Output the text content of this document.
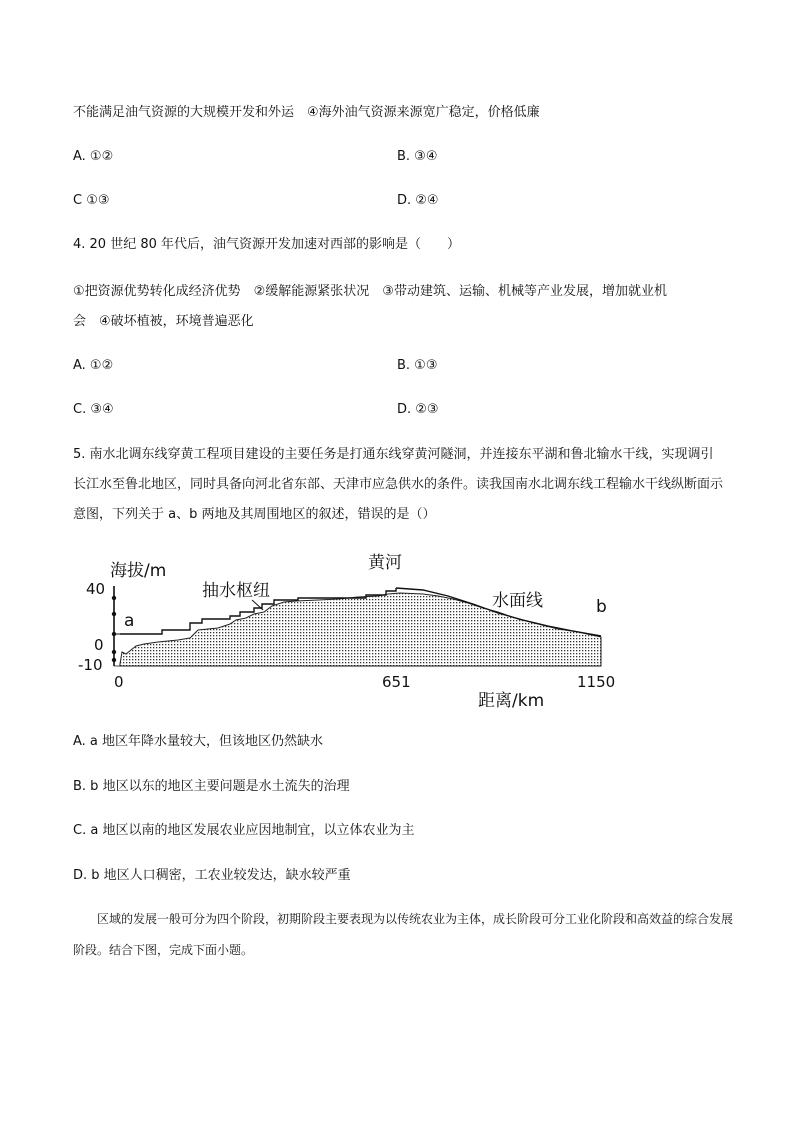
不能满足油气资源的大规模开发和外运　④海外油气资源来源宽广稳定，价格低廉
A. ①②	B. ③④
C ①③	D. ②④
4. 20 世纪 80 年代后，油气资源开发加速对西部的影响是（　　）
①把资源优势转化成经济优势　②缓解能源紧张状况　③带动建筑、运输、机械等产业发展，增加就业机
会　④破坏植被，环境普遍恶化
A. ①②	B. ①③
C. ③④	D. ②③
5. 南水北调东线穿黄工程项目建设的主要任务是打通东线穿黄河隧洞，并连接东平湖和鲁北输水干线，实现调引长江水至鲁北地区，同时具备向河北省东部、天津市应急供水的条件。读我国南水北调东线工程输水干线纵断面示意图，下列关于 a、b 两地及其周围地区的叙述，错误的是（）
海拔/m
40
0
-10
0	651	1150
距离/km
a
b
抽水枢纽
黄河
水面线
A. a 地区年降水量较大，但该地区仍然缺水
B. b 地区以东的地区主要问题是水土流失的治理
C. a 地区以南的地区发展农业应因地制宜，以立体农业为主
D. b 地区人口稠密，工农业较发达，缺水较严重
区域的发展一般可分为四个阶段，初期阶段主要表现为以传统农业为主体，成长阶段可分工业化阶段和高效益的综合发展阶段。结合下图，完成下面小题。
